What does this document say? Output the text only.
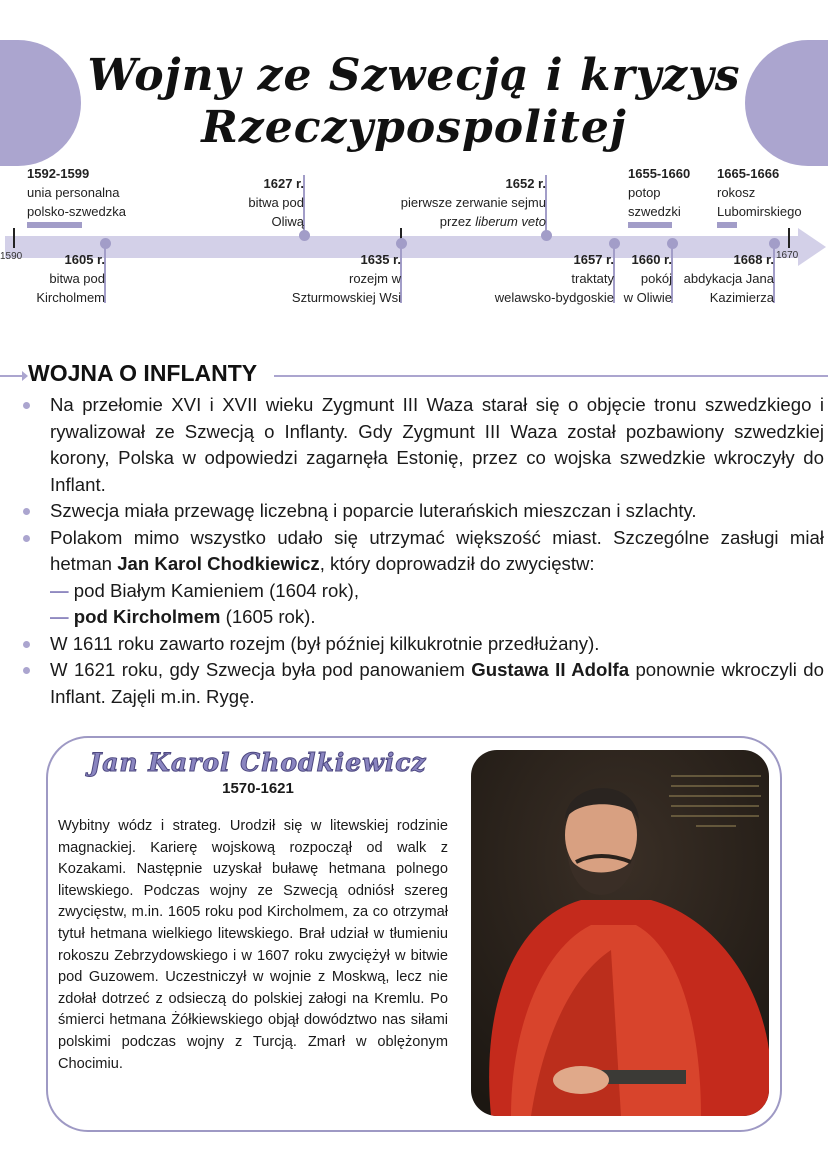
Wojny ze Szwecją i kryzys
Rzeczypospolitej
1590	1670
1592-1599
unia personalna
polsko-szwedzka
1605 r.
bitwa pod
Kircholmem
1627 r.
bitwa pod
Oliwą
1635 r.
rozejm w
Szturmowskiej Wsi
1652 r.
pierwsze zerwanie sejmu
przez liberum veto
1657 r.
traktaty
welawsko-bydgoskie
1655-1660
potop
szwedzki
1660 r.
pokój
w Oliwie
1665-1666
rokosz
Lubomirskiego
1668 r.
abdykacja Jana
Kazimierza
WOJNA O INFLANTY
Na przełomie XVI i XVII wieku Zygmunt III Waza starał się o objęcie tronu szwedzkiego i rywalizował ze Szwecją o Inflanty. Gdy Zygmunt III Waza został pozbawiony szwedzkiej korony, Polska w odpowiedzi zagarnęła Estonię, przez co wojska szwedzkie wkroczyły do Inflant.
Szwecja miała przewagę liczebną i poparcie luterańskich mieszczan i szlachty.
Polakom mimo wszystko udało się utrzymać większość miast. Szczególne zasługi miał hetman Jan Karol Chodkiewicz, który doprowadził do zwycięstw:
— pod Białym Kamieniem (1604 rok),
— pod Kircholmem (1605 rok).
W 1611 roku zawarto rozejm (był później kilkukrotnie przedłużany).
W 1621 roku, gdy Szwecja była pod panowaniem Gustawa II Adolfa ponownie wkroczyli do Inflant. Zajęli m.in. Rygę.
Jan Karol Chodkiewicz
1570-1621
Wybitny wódz i strateg. Urodził się w litewskiej rodzinie magnackiej. Karierę wojskową rozpoczął od walk z Kozakami. Następnie uzyskał buławę hetmana polnego litewskiego. Podczas wojny ze Szwecją odniósł szereg zwycięstw, m.in. 1605 roku pod Kircholmem, za co otrzymał tytuł hetmana wielkiego litewskiego. Brał udział w tłumieniu rokoszu Zebrzydowskiego i w 1607 roku zwyciężył w bitwie pod Guzowem. Uczestniczył w wojnie z Moskwą, lecz nie zdołał dotrzeć z odsieczą do polskiej załogi na Kremlu. Po śmierci hetmana Żółkiewskiego objął dowództwo nas siłami polskimi podczas wojny z Turcją. Zmarł w oblężonym Chocimiu.
